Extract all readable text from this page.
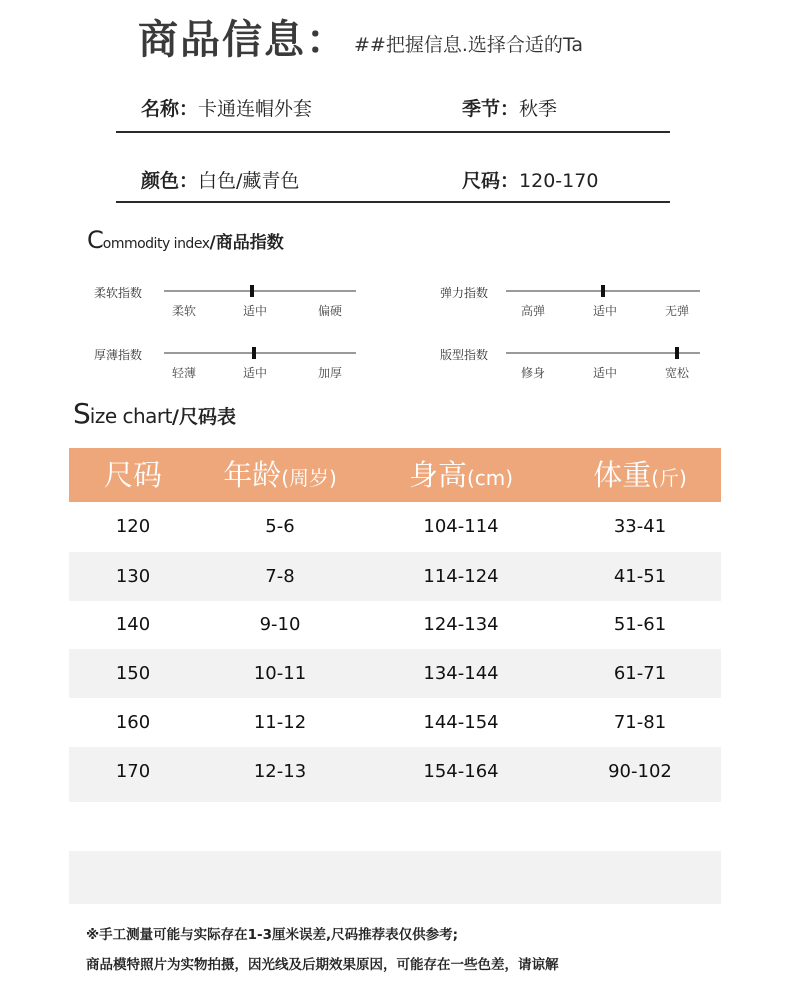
商品信息： ##把握信息.选择合适的Ta
名称：卡通连帽外套	季节：秋季
颜色：白色/藏青色	尺码：120-170
Commodity index/商品指数
柔软指数
柔软	适中	偏硬
弹力指数
高弹	适中	无弹
厚薄指数
轻薄	适中	加厚
版型指数
修身	适中	宽松
Size chart/尺码表
尺码	年龄(周岁)	身高(cm)	体重(斤)
120	5-6	104-114	33-41
130	7-8	114-124	41-51
140	9-10	124-134	51-61
150	10-11	134-144	61-71
160	11-12	144-154	71-81
170	12-13	154-164	90-102
※手工测量可能与实际存在1-3厘米误差,尺码推荐表仅供参考;
商品模特照片为实物拍摄，因光线及后期效果原因，可能存在一些色差，请谅解
